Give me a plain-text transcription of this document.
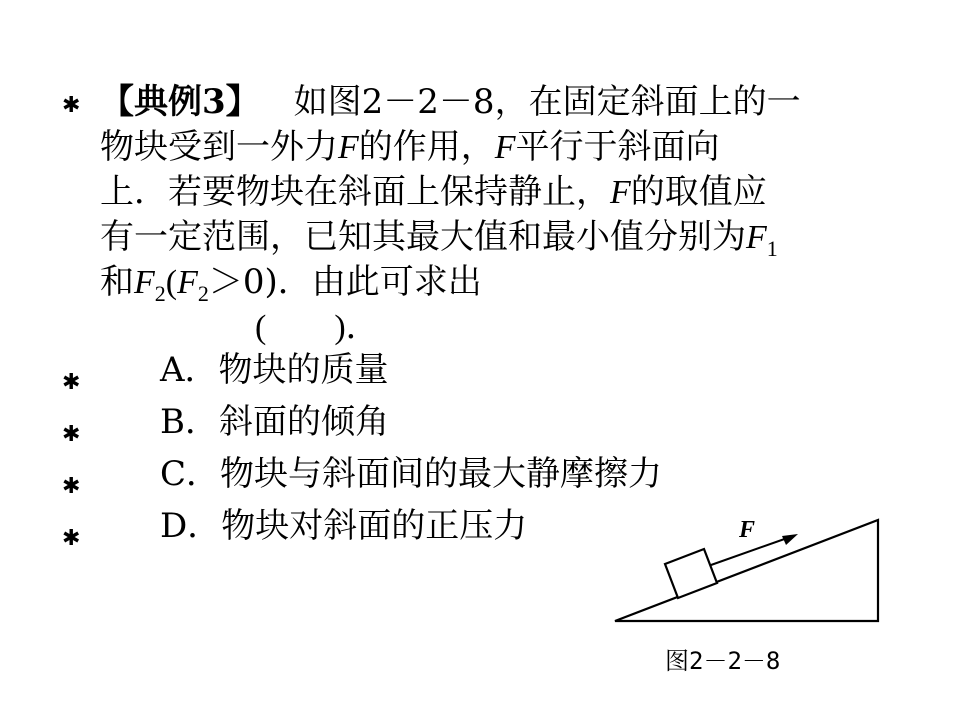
✱
✱
✱
✱
✱
【典例3】  如图2－2－8，在固定斜面上的一
物块受到一外力F的作用，F平行于斜面向
上．若要物块在斜面上保持静止，F的取值应
有一定范围，已知其最大值和最小值分别为$F_1$
和$F_2(F_2>0)$．由此可求出
(　　)．
A．物块的质量
B．斜面的倾角
C．物块与斜面间的最大静摩擦力
D．物块对斜面的正压力	F
图2－2－8
